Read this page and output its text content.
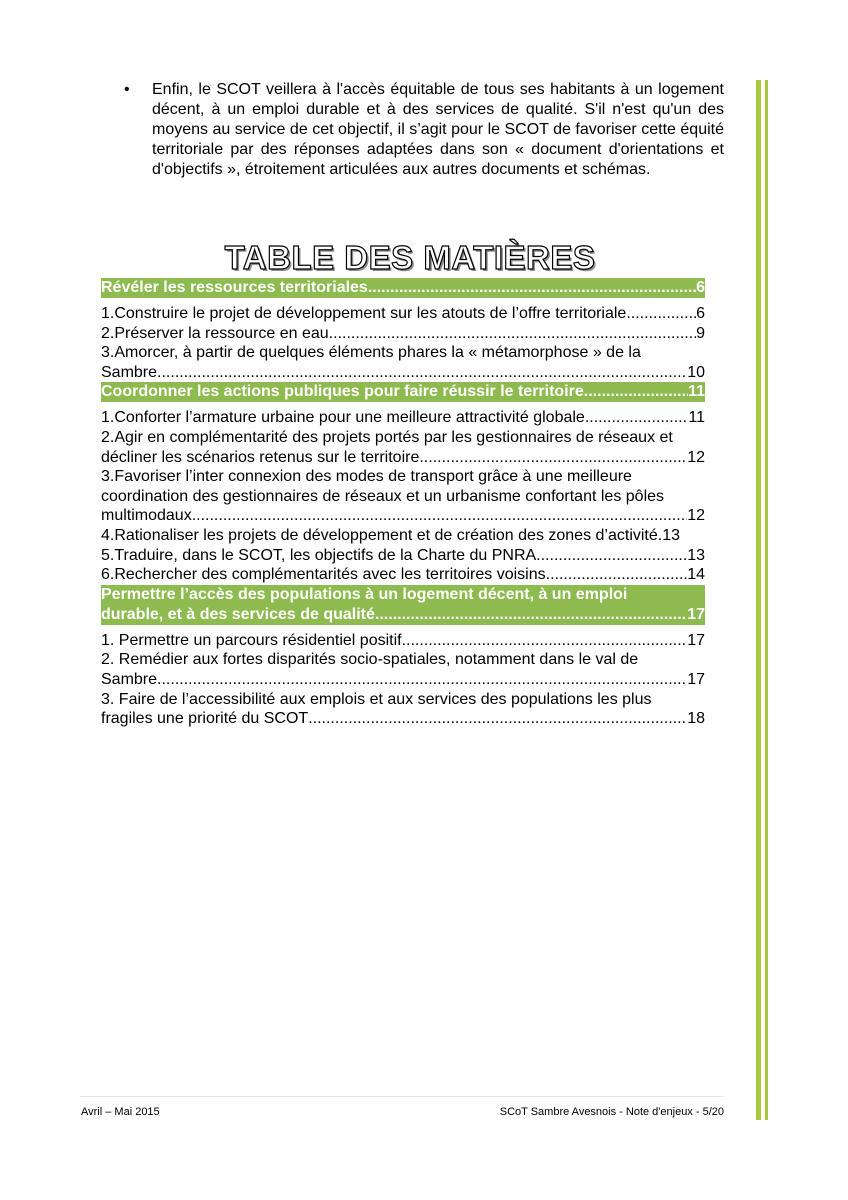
• Enfin, le SCOT veillera à l'accès équitable de tous ses habitants à un logement décent, à un emploi durable et à des services de qualité. S'il n'est qu'un des moyens au service de cet objectif, il s’agit pour le SCOT de favoriser cette équité territoriale par des réponses adaptées dans son « document d'orientations et d'objectifs », étroitement articulées aux autres documents et schémas.
TABLE DES MATIÈRES
Révéler les ressources territoriales .....	6
1.Construire le projet de développement sur les atouts de l’offre territoriale .....	6
2.Préserver la ressource en eau .....	9
3.Amorcer, à partir de quelques éléments phares la « métamorphose » de la
Sambre .....	10
Coordonner les actions publiques pour faire réussir le territoire .....	11
1.Conforter l’armature urbaine pour une meilleure attractivité globale .....	11
2.Agir en complémentarité des projets portés par les gestionnaires de réseaux et
décliner les scénarios retenus sur le territoire .....	12
3.Favoriser l’inter connexion des modes de transport grâce à une meilleure coordination des gestionnaires de réseaux et un urbanisme confortant les pôles
multimodaux .....	12
4.Rationaliser les projets de développement et de création des zones d’activité. 13
5.Traduire, dans le SCOT, les objectifs de la Charte du PNRA .....	13
6.Rechercher des complémentarités avec les territoires voisins .....	14
Permettre l’accès des populations à un logement décent, à un emploi
durable, et à des services de qualité .....	17
1. Permettre un parcours résidentiel positif .....	17
2. Remédier aux fortes disparités socio-spatiales, notamment dans le val de
Sambre .....	17
3. Faire de l’accessibilité aux emplois et aux services des populations les plus
fragiles une priorité du SCOT .....	18
Avril – Mai 2015	SCoT Sambre Avesnois - Note d'enjeux - 5/20
